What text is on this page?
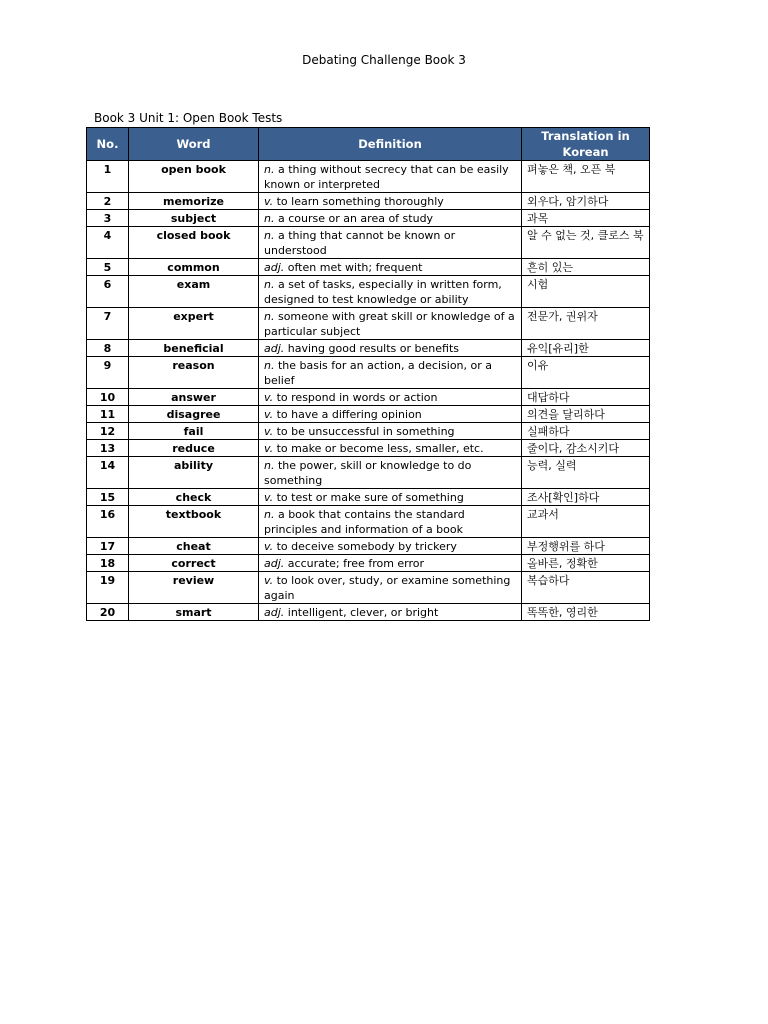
Debating Challenge Book 3
Book 3 Unit 1: Open Book Tests
No.	Word	Definition	Translation in Korean
1	open book	n. a thing without secrecy that can be easily known or interpreted	펴놓은 책, 오픈 북
2	memorize	v. to learn something thoroughly	외우다, 암기하다
3	subject	n. a course or an area of study	과목
4	closed book	n. a thing that cannot be known or understood	알 수 없는 것, 클로스 북
5	common	adj. often met with; frequent	흔히 있는
6	exam	n. a set of tasks, especially in written form, designed to test knowledge or ability	시험
7	expert	n. someone with great skill or knowledge of a particular subject	전문가, 권위자
8	beneficial	adj. having good results or benefits	유익[유리]한
9	reason	n. the basis for an action, a decision, or a belief	이유
10	answer	v. to respond in words or action	대답하다
11	disagree	v. to have a differing opinion	의견을 달리하다
12	fail	v. to be unsuccessful in something	실패하다
13	reduce	v. to make or become less, smaller, etc.	줄이다, 감소시키다
14	ability	n. the power, skill or knowledge to do something	능력, 실력
15	check	v. to test or make sure of something	조사[확인]하다
16	textbook	n. a book that contains the standard principles and information of a book	교과서
17	cheat	v. to deceive somebody by trickery	부정행위를 하다
18	correct	adj. accurate; free from error	올바른, 정확한
19	review	v. to look over, study, or examine something again	복습하다
20	smart	adj. intelligent, clever, or bright	똑똑한, 영리한
